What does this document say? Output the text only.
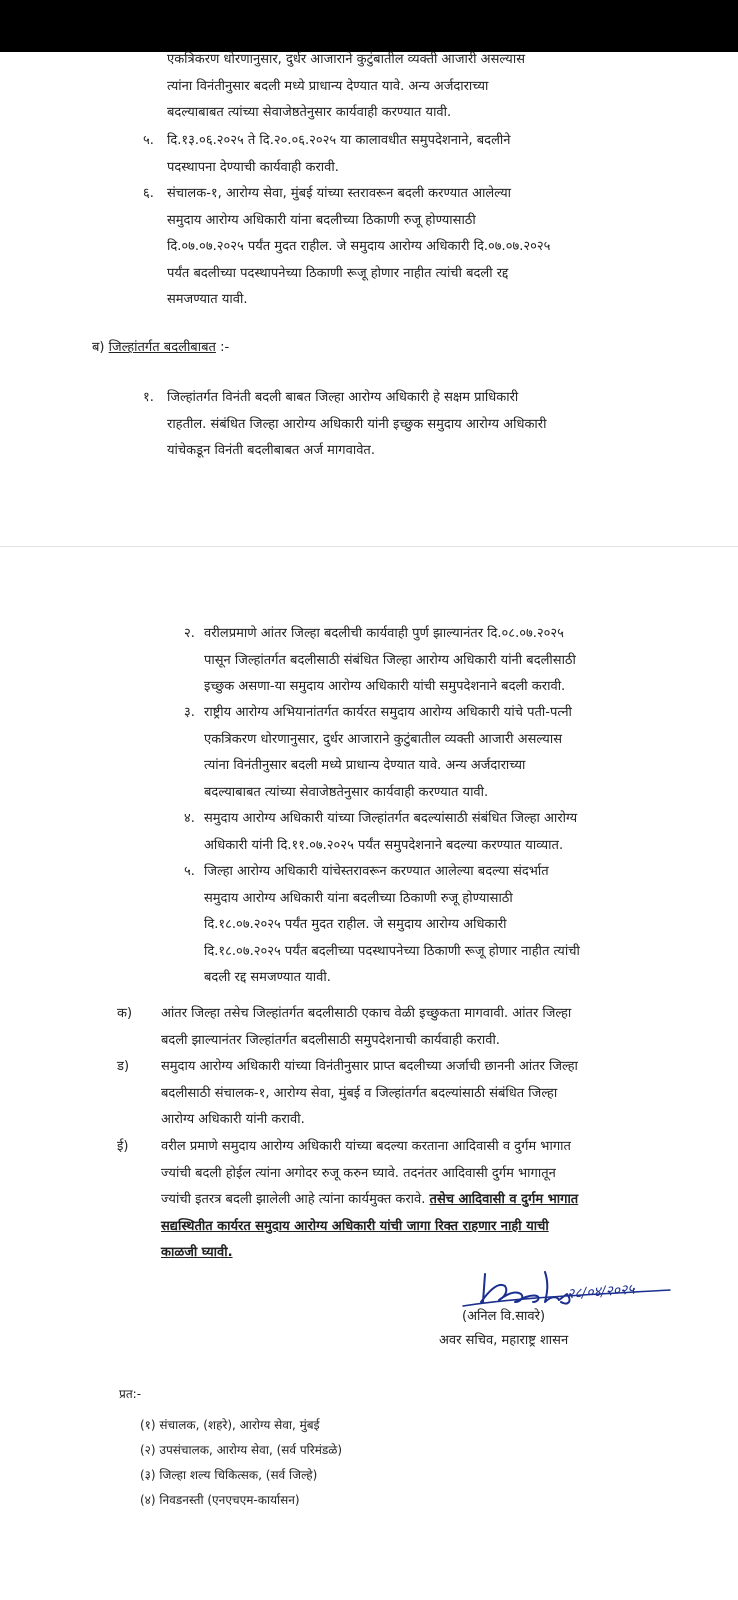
एकत्रिकरण धोरणानुसार, दुर्धर आजाराने कुटुंबातील व्यक्ती आजारी असल्यास
त्यांना विनंतीनुसार बदली मध्ये प्राधान्य देण्यात यावे. अन्य अर्जदाराच्या
बदल्याबाबत त्यांच्या सेवाजेष्ठतेनुसार कार्यवाही करण्यात यावी.
५. दि.१३.०६.२०२५ ते दि.२०.०६.२०२५ या कालावधीत समुपदेशनाने, बदलीने
पदस्थापना देण्याची कार्यवाही करावी.
६. संचालक-१, आरोग्य सेवा, मुंबई यांच्या स्तरावरून बदली करण्यात आलेल्या
समुदाय आरोग्य अधिकारी यांना बदलीच्या ठिकाणी रुजू होण्यासाठी
दि.०७.०७.२०२५ पर्यंत मुदत राहील. जे समुदाय आरोग्य अधिकारी दि.०७.०७.२०२५
पर्यंत बदलीच्या पदस्थापनेच्या ठिकाणी रूजू होणार नाहीत त्यांची बदली रद्द
समजण्यात यावी.
ब) जिल्हांतर्गत बदलीबाबत :-
१. जिल्हांतर्गत विनंती बदली बाबत जिल्हा आरोग्य अधिकारी हे सक्षम प्राधिकारी
राहतील. संबंधित जिल्हा आरोग्य अधिकारी यांनी इच्छुक समुदाय आरोग्य अधिकारी
यांचेकडून विनंती बदलीबाबत अर्ज मागवावेत.
२. वरीलप्रमाणे आंतर जिल्हा बदलीची कार्यवाही पुर्ण झाल्यानंतर दि.०८.०७.२०२५
पासून जिल्हांतर्गत बदलीसाठी संबंधित जिल्हा आरोग्य अधिकारी यांनी बदलीसाठी
इच्छुक असणा-या समुदाय आरोग्य अधिकारी यांची समुपदेशनाने बदली करावी.
३. राष्ट्रीय आरोग्य अभियानांतर्गत कार्यरत समुदाय आरोग्य अधिकारी यांचे पती-पत्नी
एकत्रिकरण धोरणानुसार, दुर्धर आजाराने कुटुंबातील व्यक्ती आजारी असल्यास
त्यांना विनंतीनुसार बदली मध्ये प्राधान्य देण्यात यावे. अन्य अर्जदाराच्या
बदल्याबाबत त्यांच्या सेवाजेष्ठतेनुसार कार्यवाही करण्यात यावी.
४. समुदाय आरोग्य अधिकारी यांच्या जिल्हांतर्गत बदल्यांसाठी संबंधित जिल्हा आरोग्य
अधिकारी यांनी दि.११.०७.२०२५ पर्यंत समुपदेशनाने बदल्या करण्यात याव्यात.
५. जिल्हा आरोग्य अधिकारी यांचेस्तरावरून करण्यात आलेल्या बदल्या संदर्भात
समुदाय आरोग्य अधिकारी यांना बदलीच्या ठिकाणी रुजू होण्यासाठी
दि.१८.०७.२०२५ पर्यंत मुदत राहील. जे समुदाय आरोग्य अधिकारी
दि.१८.०७.२०२५ पर्यंत बदलीच्या पदस्थापनेच्या ठिकाणी रूजू होणार नाहीत त्यांची
बदली रद्द समजण्यात यावी.
क) आंतर जिल्हा तसेच जिल्हांतर्गत बदलीसाठी एकाच वेळी इच्छुकता मागवावी. आंतर जिल्हा
बदली झाल्यानंतर जिल्हांतर्गत बदलीसाठी समुपदेशनाची कार्यवाही करावी.
ड) समुदाय आरोग्य अधिकारी यांच्या विनंतीनुसार प्राप्त बदलीच्या अर्जाची छाननी आंतर जिल्हा
बदलीसाठी संचालक-१, आरोग्य सेवा, मुंबई व जिल्हांतर्गत बदल्यांसाठी संबंधित जिल्हा
आरोग्य अधिकारी यांनी करावी.
ई)	वरील प्रमाणे समुदाय आरोग्य अधिकारी यांच्या बदल्या करताना आदिवासी व दुर्गम भागात
ज्यांची बदली होईल त्यांना अगोदर रुजू करुन घ्यावे. तदनंतर आदिवासी दुर्गम भागातून
ज्यांची इतरत्र बदली झालेली आहे त्यांना कार्यमुक्त करावे. तसेच आदिवासी व दुर्गम भागात
सद्यस्थितीत कार्यरत समुदाय आरोग्य अधिकारी यांची जागा रिक्त राहणार नाही याची
काळजी घ्यावी.
२८/०४/२०२५
(अनिल वि.सावरे)
अवर सचिव, महाराष्ट्र शासन
प्रत:-
(१) संचालक, (शहरे), आरोग्य सेवा, मुंबई
(२) उपसंचालक, आरोग्य सेवा, (सर्व परिमंडळे)
(३) जिल्हा शल्य चिकित्सक, (सर्व जिल्हे)
(४) निवडनस्ती (एनएचएम-कार्यासन)
